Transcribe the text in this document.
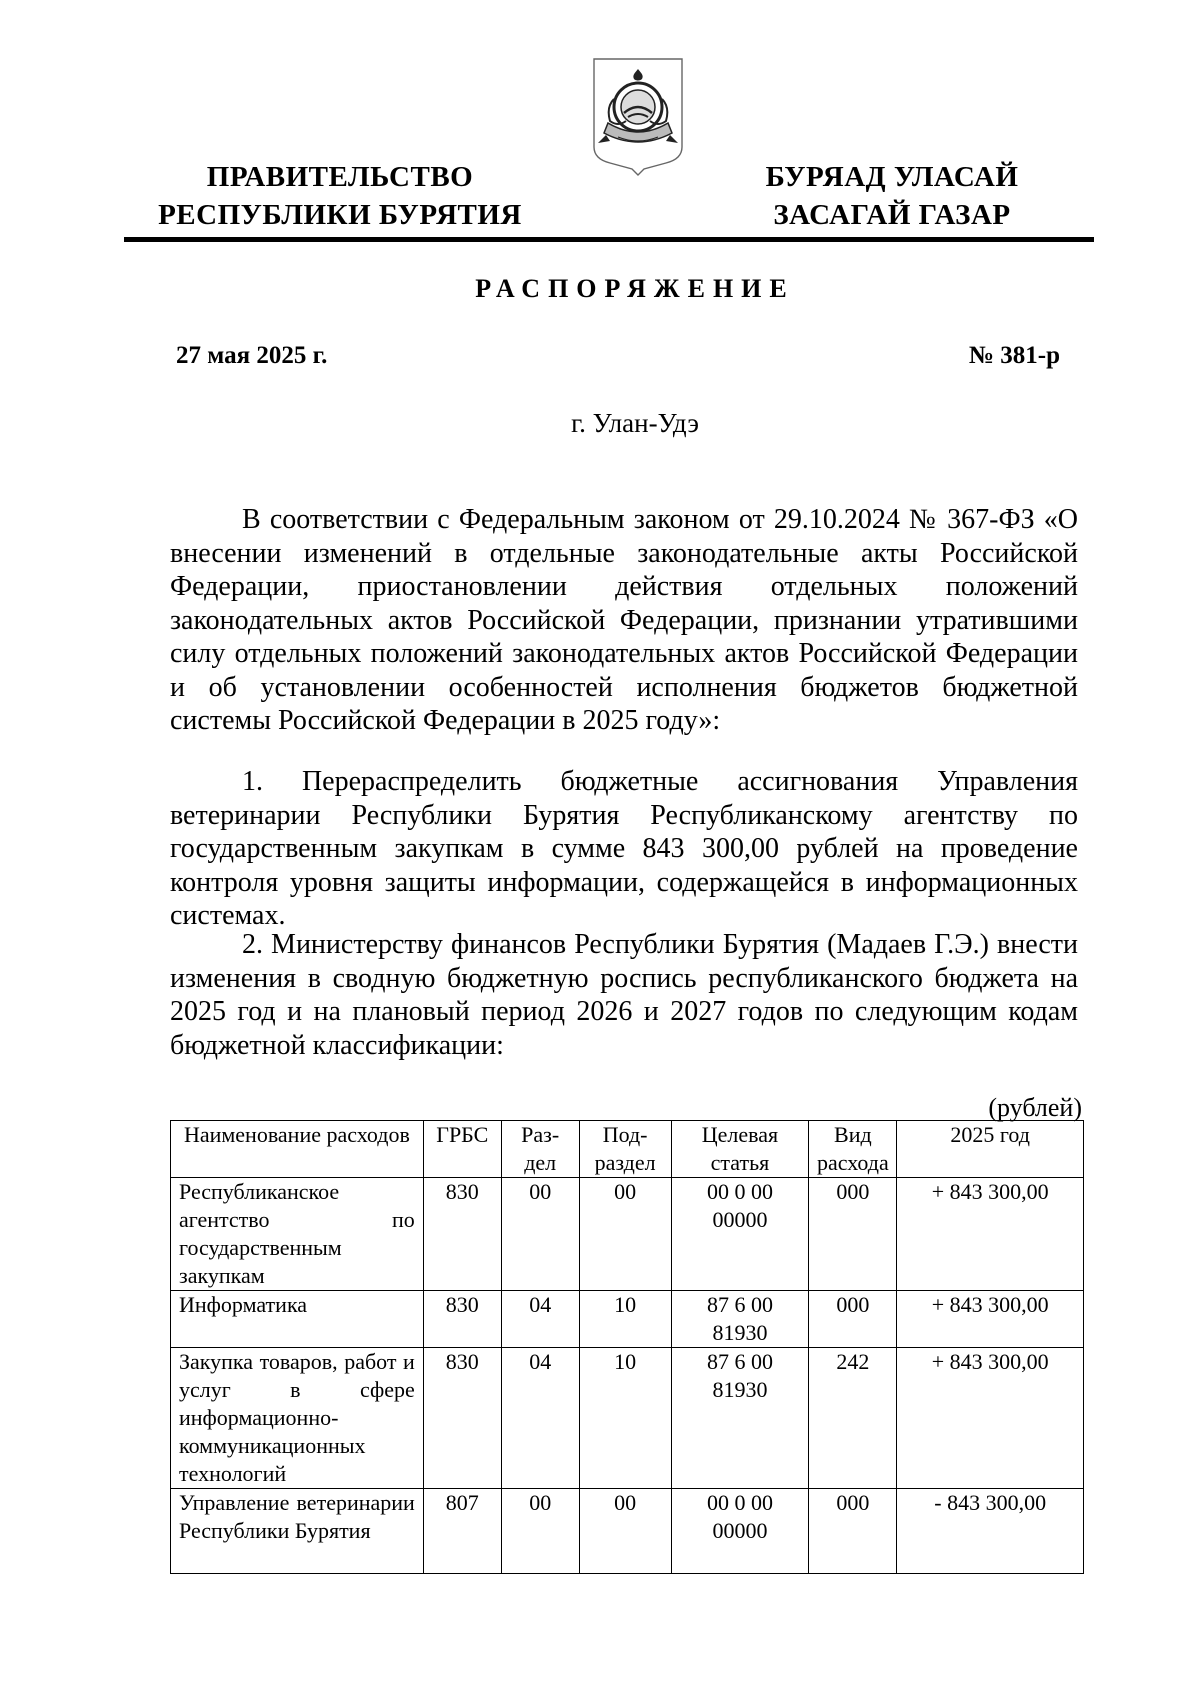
ПРАВИТЕЛЬСТВО
РЕСПУБЛИКИ БУРЯТИЯ
БУРЯАД УЛАСАЙ
ЗАСАГАЙ ГАЗАР
РАСПОРЯЖЕНИЕ
27 мая 2025 г.	№ 381-р
г. Улан-Удэ
В соответствии с Федеральным законом от 29.10.2024 № 367-ФЗ «О внесении изменений в отдельные законодательные акты Российской Федерации, приостановлении действия отдельных положений законодательных актов Российской Федерации, признании утратившими силу отдельных положений законодательных актов Российской Федерации и об установлении особенностей исполнения бюджетов бюджетной системы Российской Федерации в 2025 году»:
1. Перераспределить бюджетные ассигнования Управления ветеринарии Республики Бурятия Республиканскому агентству по государственным закупкам в сумме 843 300,00 рублей на проведение контроля уровня защиты информации, содержащейся в информационных системах.
2. Министерству финансов Республики Бурятия (Мадаев Г.Э.) внести изменения в сводную бюджетную роспись республиканского бюджета на 2025 год и на плановый период 2026 и 2027 годов по следующим кодам бюджетной классификации:
(рублей)
Наименование расходов	ГРБС	Раз-дел	Под-раздел	Целевая статья	Вид расхода	2025 год
Республиканское агентство по государственным закупкам	830	00	00	00 0 00 00000	000	+ 843 300,00
Информатика	830	04	10	87 6 00 81930	000	+ 843 300,00
Закупка товаров, работ и услуг в сфере информационно-коммуникационных технологий	830	04	10	87 6 00 81930	242	+ 843 300,00
Управление ветеринарии Республики Бурятия	807	00	00	00 0 00 00000	000	- 843 300,00
